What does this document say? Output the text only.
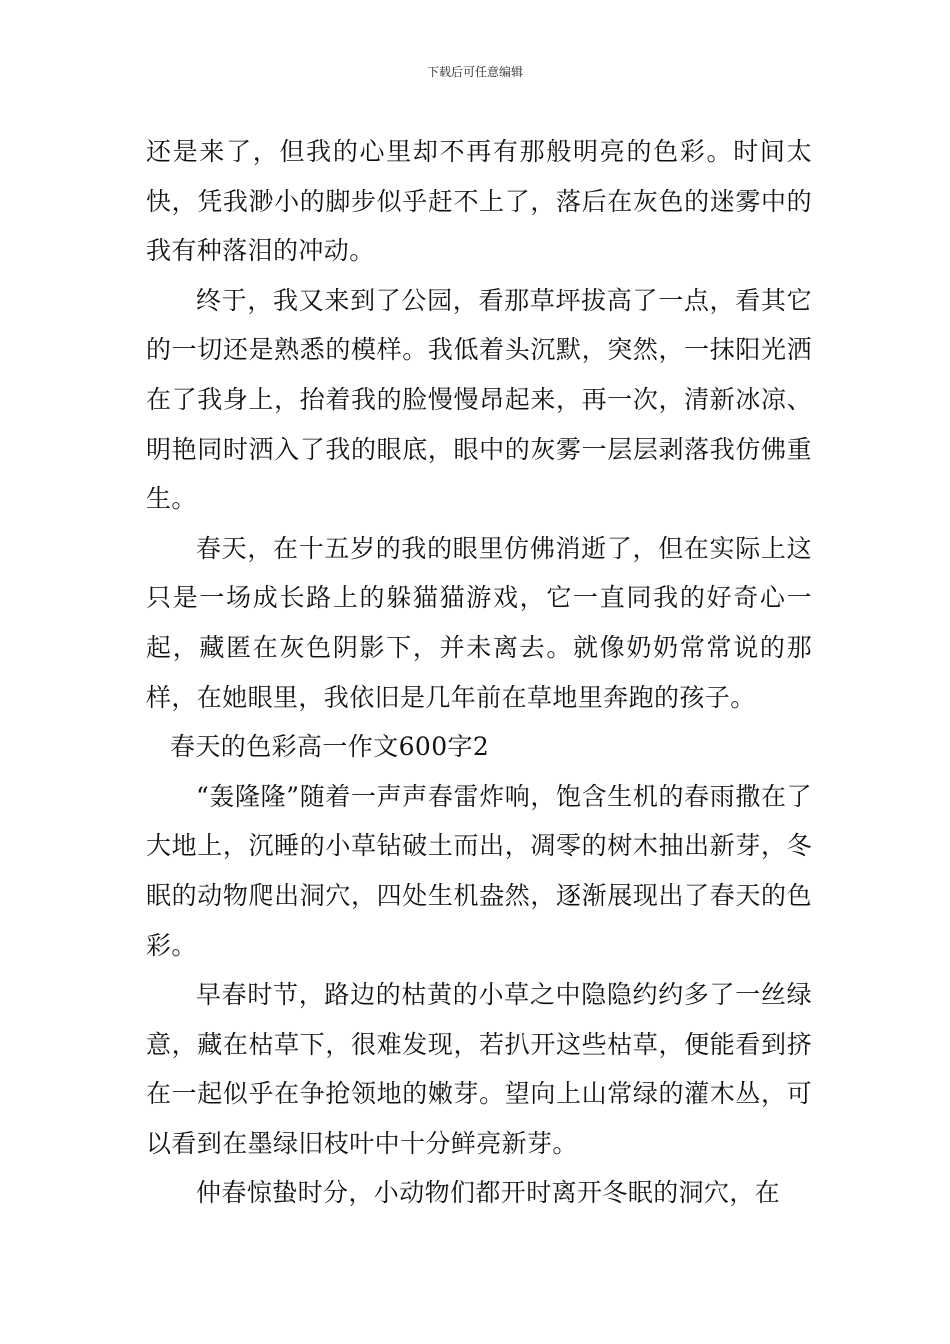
下载后可任意编辑

还是来了，但我的心里却不再有那般明亮的色彩。时间太快，凭我渺小的脚步似乎赶不上了，落后在灰色的迷雾中的我有种落泪的冲动。

终于，我又来到了公园，看那草坪拔高了一点，看其它的一切还是熟悉的模样。我低着头沉默，突然，一抹阳光洒在了我身上，抬着我的脸慢慢昂起来，再一次，清新冰凉、明艳同时洒入了我的眼底，眼中的灰雾一层层剥落我仿佛重生。

春天，在十五岁的我的眼里仿佛消逝了，但在实际上这只是一场成长路上的躲猫猫游戏，它一直同我的好奇心一起，藏匿在灰色阴影下，并未离去。就像奶奶常常说的那样，在她眼里，我依旧是几年前在草地里奔跑的孩子。

春天的色彩高一作文600字2

“轰隆隆”随着一声声春雷炸响，饱含生机的春雨撒在了大地上，沉睡的小草钻破土而出，凋零的树木抽出新芽，冬眠的动物爬出洞穴，四处生机盎然，逐渐展现出了春天的色彩。

早春时节，路边的枯黄的小草之中隐隐约约多了一丝绿意，藏在枯草下，很难发现，若扒开这些枯草，便能看到挤在一起似乎在争抢领地的嫩芽。望向上山常绿的灌木丛，可以看到在墨绿旧枝叶中十分鲜亮新芽。

仲春惊蛰时分，小动物们都开时离开冬眠的洞穴，在
